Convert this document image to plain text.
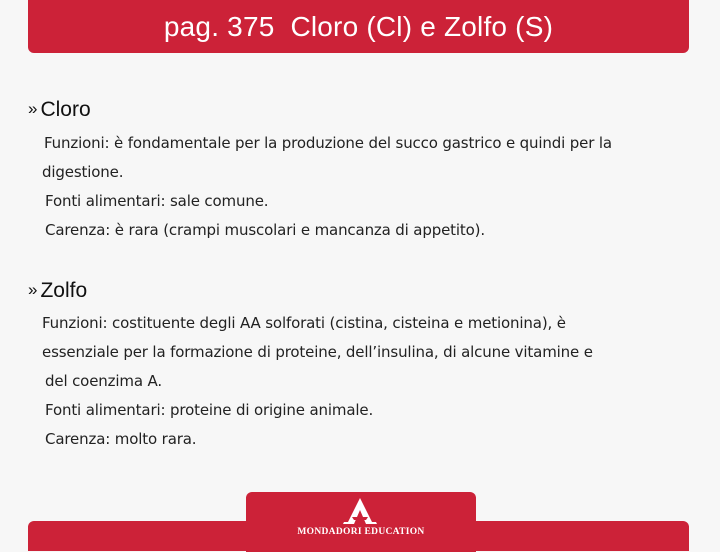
pag. 375  Cloro (Cl) e Zolfo (S)
» Cloro
Funzioni: è fondamentale per la produzione del succo gastrico e quindi per la
digestione.
Fonti alimentari: sale comune.
Carenza: è rara (crampi muscolari e mancanza di appetito).
» Zolfo
Funzioni: costituente degli AA solforati (cistina, cisteina e metionina), è
essenziale per la formazione di proteine, dell’insulina, di alcune vitamine e
del coenzima A.
Fonti alimentari: proteine di origine animale.
Carenza: molto rara.
MONDADORI EDUCATION
